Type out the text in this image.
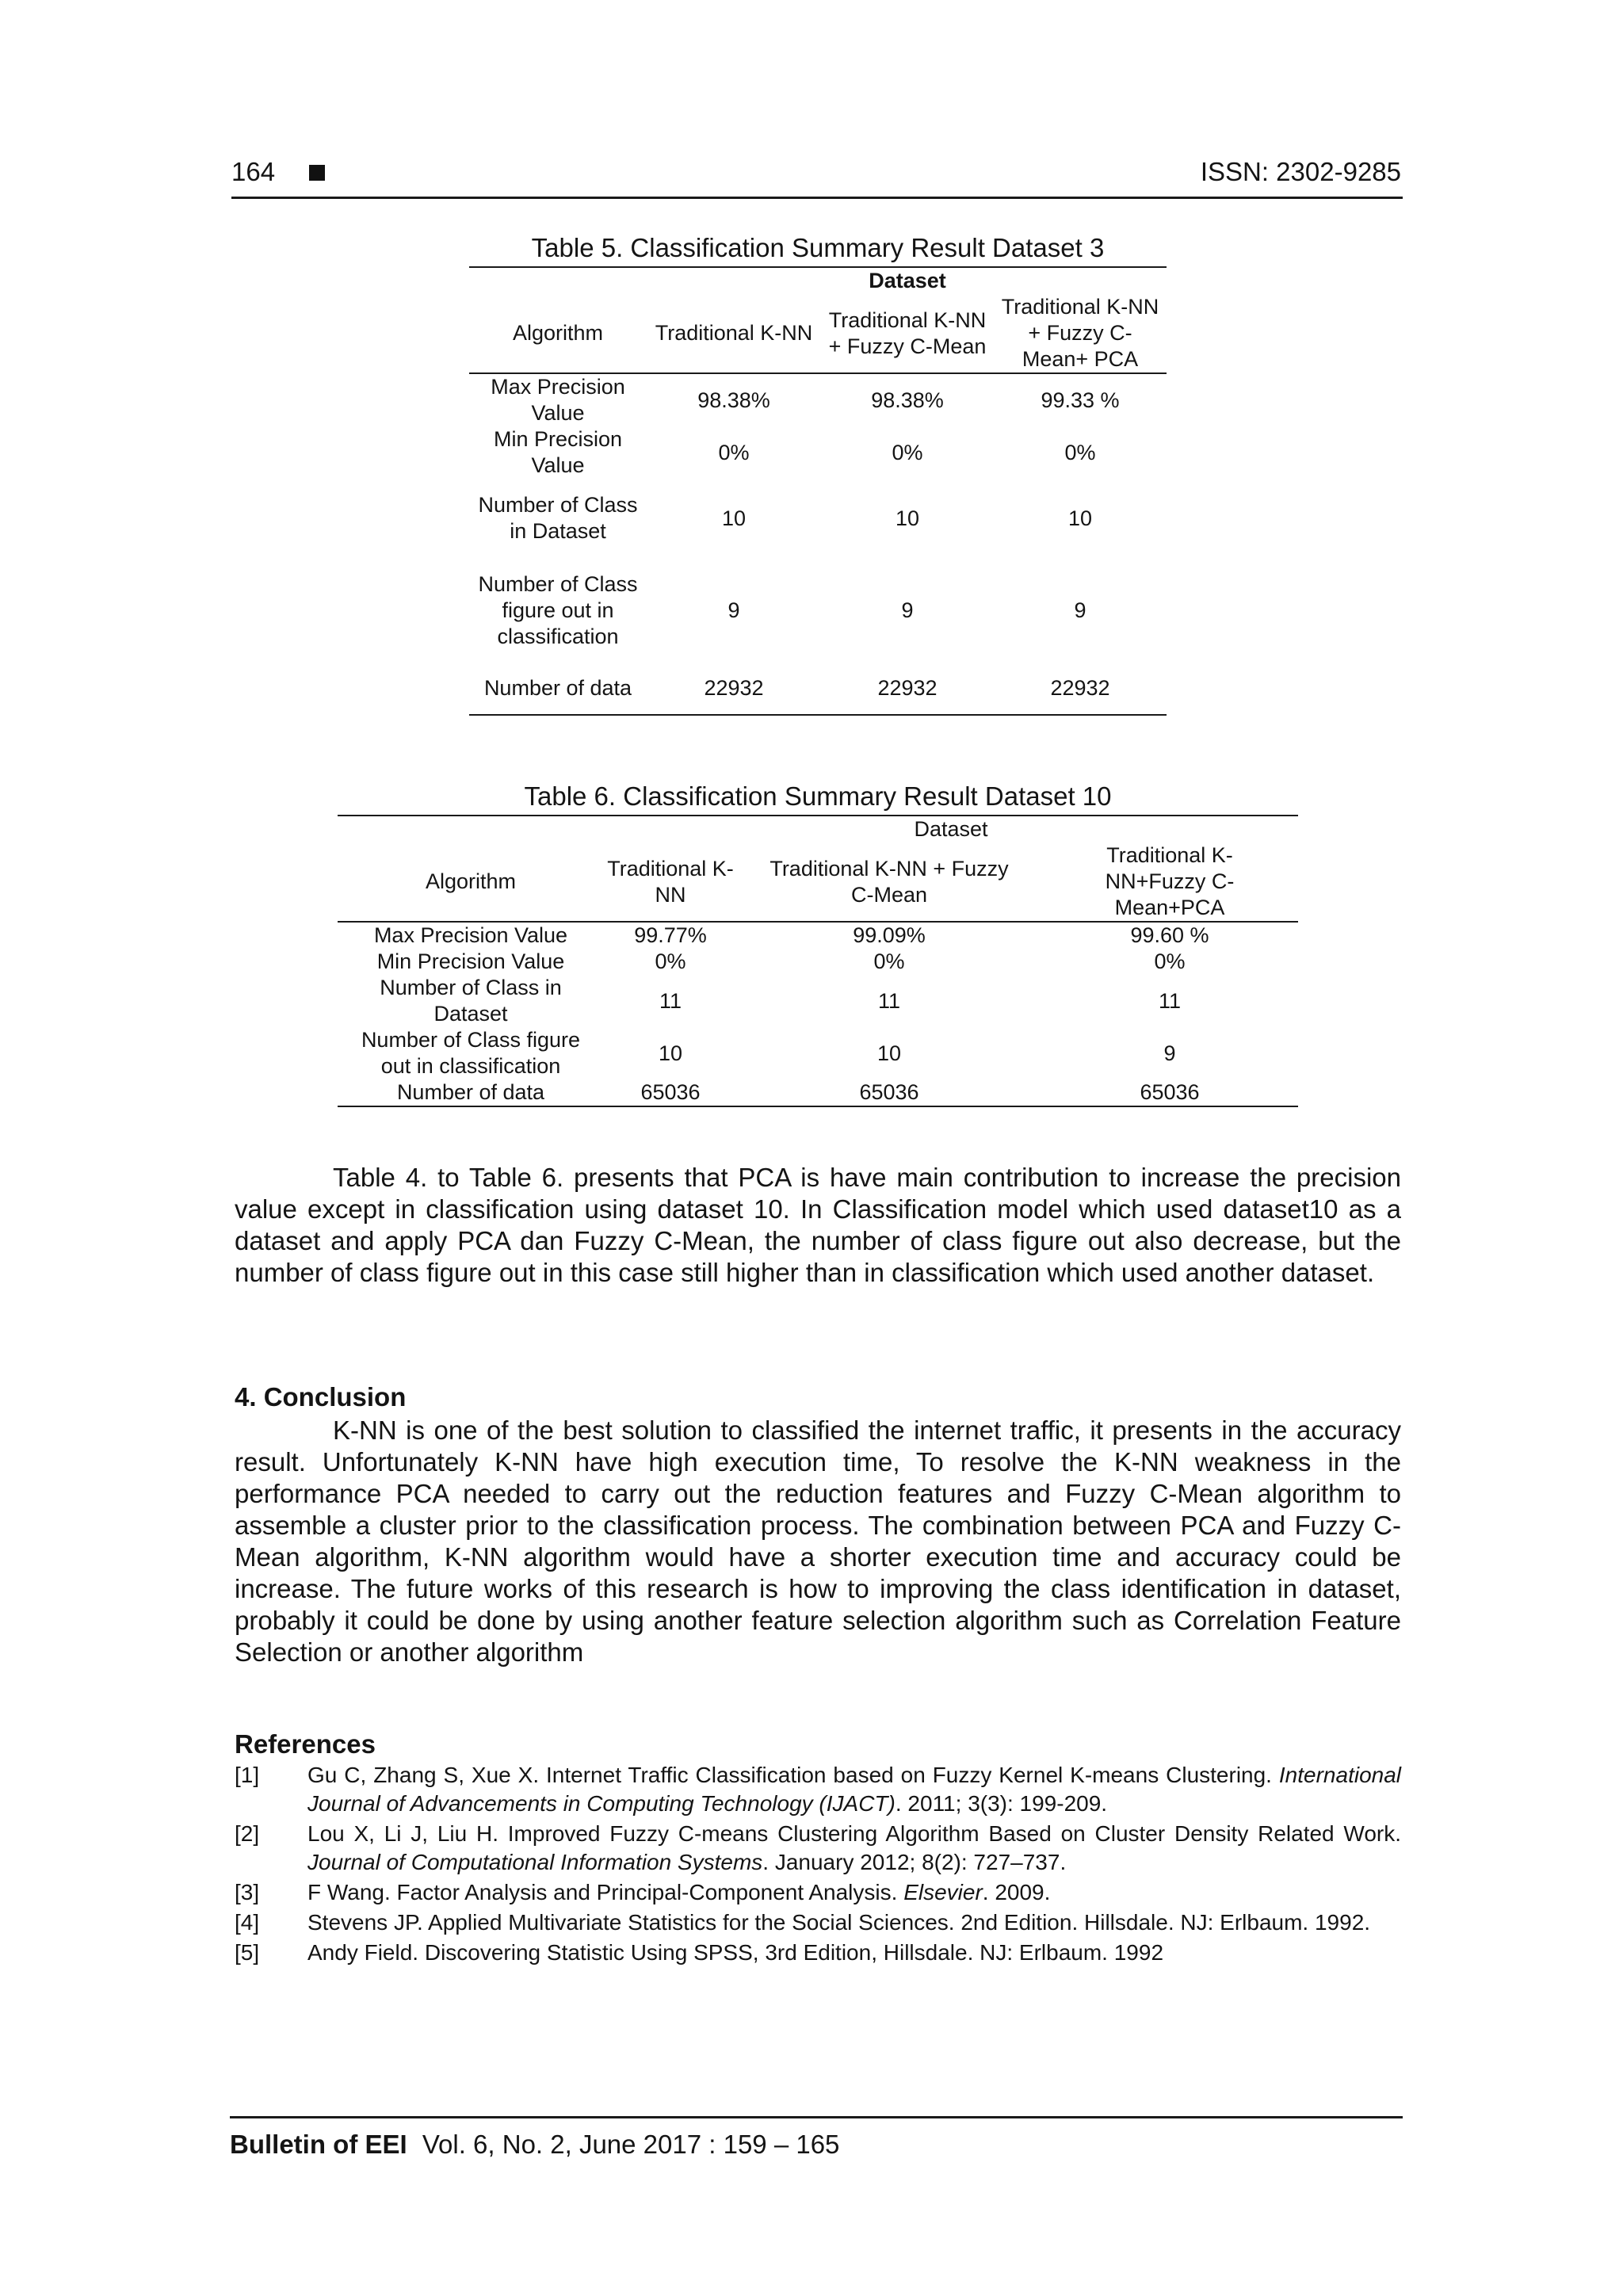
164	ISSN: 2302-9285
Table 5. Classification Summary Result Dataset 3
		Dataset	
Algorithm	Traditional K-NN	Traditional K-NN + Fuzzy C-Mean	Traditional K-NN + Fuzzy C-Mean+ PCA
Max Precision Value	98.38%	98.38%	99.33 %
Min Precision Value	0%	0%	0%
Number of Class in Dataset	10	10	10
Number of Class figure out in classification	9	9	9
Number of data	22932	22932	22932
Table 6. Classification Summary Result Dataset 10
	Dataset		
Algorithm	Traditional K-NN	Traditional K-NN + Fuzzy C-Mean	Traditional K-NN+Fuzzy C-Mean+PCA
Max Precision Value	99.77%	99.09%	99.60 %
Min Precision Value	0%	0%	0%
Number of Class in Dataset	11	11	11
Number of Class figure out in classification	10	10	9
Number of data	65036	65036	65036
Table 4. to Table 6. presents that PCA is have main contribution to increase the precision value except in classification using dataset 10. In Classification model which used dataset10 as a dataset and apply PCA dan Fuzzy C-Mean, the number of class figure out also decrease, but the number of class figure out in this case still higher than in classification which used another dataset.
4. Conclusion
K-NN is one of the best solution to classified the internet traffic, it presents in the accuracy result. Unfortunately K-NN have high execution time, To resolve the K-NN weakness in the performance PCA needed to carry out the reduction features and Fuzzy C-Mean algorithm to assemble a cluster prior to the classification process. The combination between PCA and Fuzzy C-Mean algorithm, K-NN algorithm would have a shorter execution time and accuracy could be increase. The future works of this research is how to improving the class identification in dataset, probably it could be done by using another feature selection algorithm such as Correlation Feature Selection or another algorithm
References
[1]	Gu C, Zhang S, Xue X. Internet Traffic Classification based on Fuzzy Kernel K-means Clustering. International Journal of Advancements in Computing Technology (IJACT). 2011; 3(3): 199-209.
[2]	Lou X, Li J, Liu H. Improved Fuzzy C-means Clustering Algorithm Based on Cluster Density Related Work. Journal of Computational Information Systems. January 2012; 8(2): 727–737.
[3]	F Wang. Factor Analysis and Principal-Component Analysis. Elsevier. 2009.
[4]	Stevens JP. Applied Multivariate Statistics for the Social Sciences. 2nd Edition. Hillsdale. NJ: Erlbaum. 1992.
[5]	Andy Field. Discovering Statistic Using SPSS, 3rd Edition, Hillsdale. NJ: Erlbaum. 1992
Bulletin of EEI Vol. 6, No. 2, June 2017 : 159 – 165
